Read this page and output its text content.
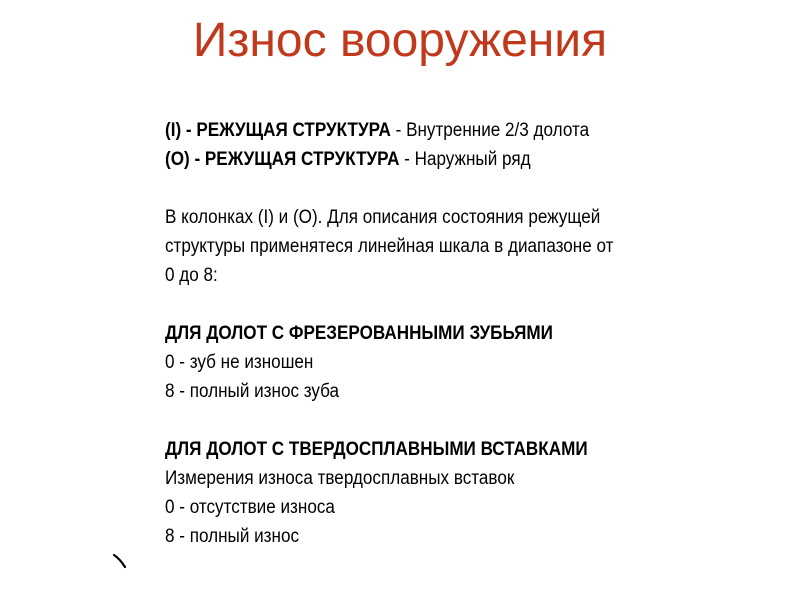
Износ вооружения
(I) - РЕЖУЩАЯ СТРУКТУРА - Внутренние 2/3 долота
(O) - РЕЖУЩАЯ СТРУКТУРА - Наружный ряд
В колонках (I) и (O). Для описания состояния режущей
структуры применятеся линейная шкала в диапазоне от
0 до 8:
ДЛЯ ДОЛОТ С ФРЕЗЕРОВАННЫМИ ЗУБЬЯМИ
0 - зуб не изношен
8 - полный износ зуба
ДЛЯ ДОЛОТ С ТВЕРДОСПЛАВНЫМИ ВСТАВКАМИ
Измерения износа твердосплавных вставок
0 - отсутствие износа
8 - полный износ
